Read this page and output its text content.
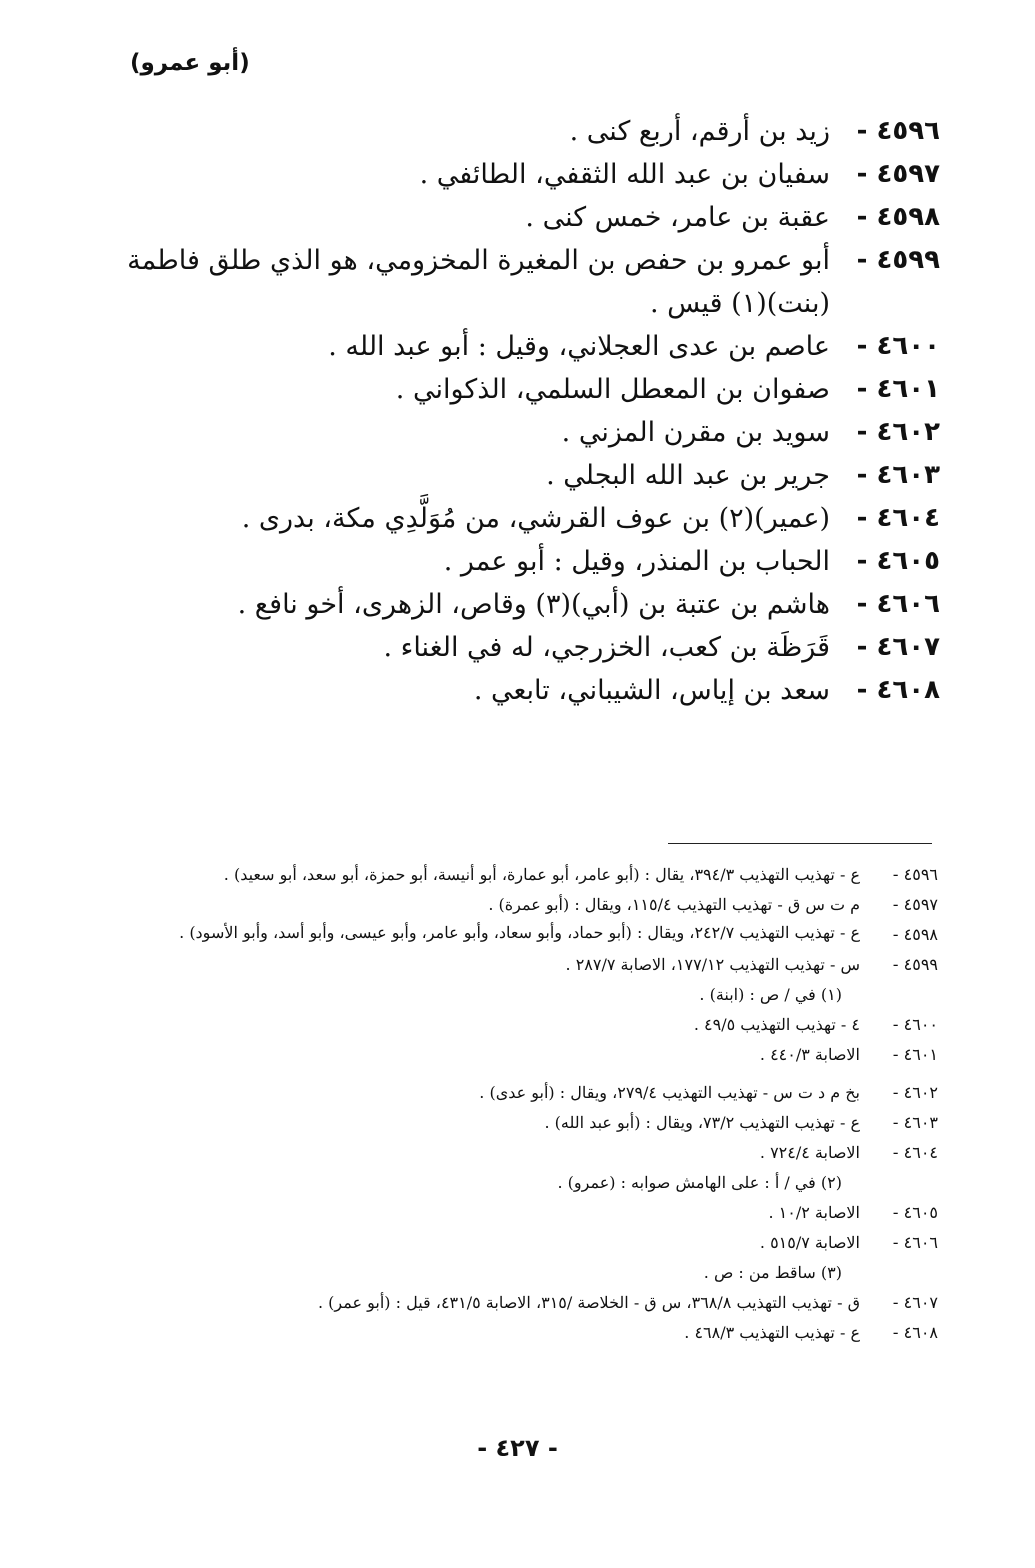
(أبو عمرو)
٤٥٩٦ -
زيد بن أرقم، أربع كنى .
٤٥٩٧ -
سفيان بن عبد الله الثقفي، الطائفي .
٤٥٩٨ -
عقبة بن عامر، خمس كنى .
٤٥٩٩ -
أبو عمرو بن حفص بن المغيرة المخزومي، هو الذي طلق فاطمة (بنت)(١) قيس .
٤٦٠٠ -
عاصم بن عدى العجلاني، وقيل : أبو عبد الله .
٤٦٠١ -
صفوان بن المعطل السلمي، الذكواني .
٤٦٠٢ -
سويد بن مقرن المزني .
٤٦٠٣ -
جرير بن عبد الله البجلي .
٤٦٠٤ -
(عمير)(٢) بن عوف القرشي، من مُوَلَّدِي مكة، بدرى .
٤٦٠٥ -
الحباب بن المنذر، وقيل : أبو عمر .
٤٦٠٦ -
هاشم بن عتبة بن (أبي)(٣) وقاص، الزهرى، أخو نافع .
٤٦٠٧ -
قَرَظَة بن كعب، الخزرجي، له في الغناء .
٤٦٠٨ -
سعد بن إياس، الشيباني، تابعي .
٤٥٩٦ -
ع - تهذيب التهذيب ٣٩٤/٣، يقال : (أبو عامر، أبو عمارة، أبو أنيسة، أبو حمزة، أبو سعد، أبو سعيد) .
٤٥٩٧ -
م ت س ق - تهذيب التهذيب ١١٥/٤، ويقال : (أبو عمرة) .
٤٥٩٨ -
ع - تهذيب التهذيب ٢٤٢/٧، ويقال : (أبو حماد، وأبو سعاد، وأبو عامر، وأبو عيسى، وأبو أسد، وأبو الأسود) .
٤٥٩٩ -
س - تهذيب التهذيب ١٧٧/١٢، الاصابة ٢٨٧/٧ .
(١) في / ص : (ابنة) .
٤٦٠٠ -
٤ - تهذيب التهذيب ٤٩/٥ .
٤٦٠١ -
الاصابة ٤٤٠/٣ .
٤٦٠٢ -
بخ م د ت س - تهذيب التهذيب ٢٧٩/٤، ويقال : (أبو عدى) .
٤٦٠٣ -
ع - تهذيب التهذيب ٧٣/٢، ويقال : (أبو عبد الله) .
٤٦٠٤ -
الاصابة ٧٢٤/٤ .
(٢) في / أ : على الهامش صوابه : (عمرو) .
٤٦٠٥ -
الاصابة ١٠/٢ .
٤٦٠٦ -
الاصابة ٥١٥/٧ .
(٣) ساقط من : ص .
٤٦٠٧ -
ق - تهذيب التهذيب ٣٦٨/٨، س ق - الخلاصة /٣١٥، الاصابة ٤٣١/٥، قيل : (أبو عمر) .
٤٦٠٨ -
ع - تهذيب التهذيب ٤٦٨/٣ .
- ٤٢٧ -
